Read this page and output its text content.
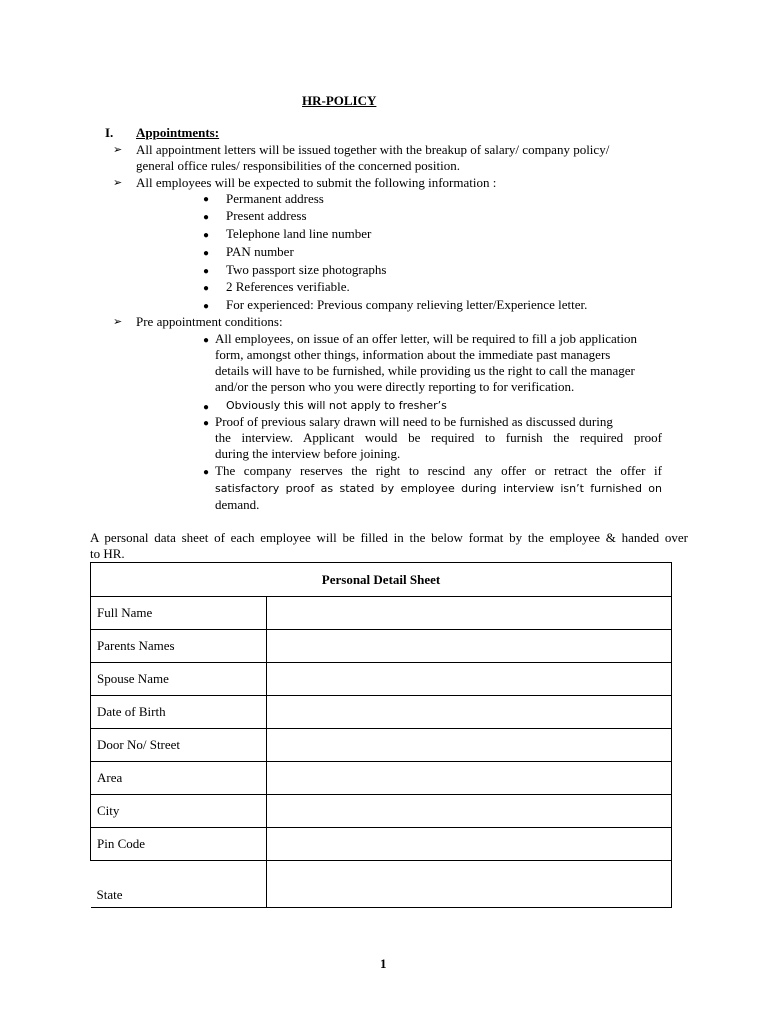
HR-POLICY
I. Appointments:
➢ All appointment letters will be issued together with the breakup of salary/ company policy/
general office rules/ responsibilities of the concerned position.
➢ All employees will be expected to submit the following information :
● Permanent address
● Present address
● Telephone land line number
● PAN number
● Two passport size photographs
● 2 References verifiable.
● For experienced: Previous company relieving letter/Experience letter.
➢ Pre appointment conditions:
● All employees, on issue of an offer letter, will be required to fill a job application
form, amongst other things, information about the immediate past managers
details will have to be furnished, while providing us the right to call the manager
and/or the person who you were directly reporting to for verification.
● Obviously this will not apply to fresher’s
● Proof of previous salary drawn will need to be furnished as discussed during
the interview. Applicant would be required to furnish the required proof
during the interview before joining.
● The company reserves the right to rescind any offer or retract the offer if
satisfactory proof as stated by employee during interview isn’t furnished on
demand.
A personal data sheet of each employee will be filled in the below format by the employee & handed over
to HR.
Personal Detail Sheet	
Full Name	
Parents Names	
Spouse Name	
Date of Birth	
Door No/ Street	
Area	
City	
Pin Code	
State	
1
